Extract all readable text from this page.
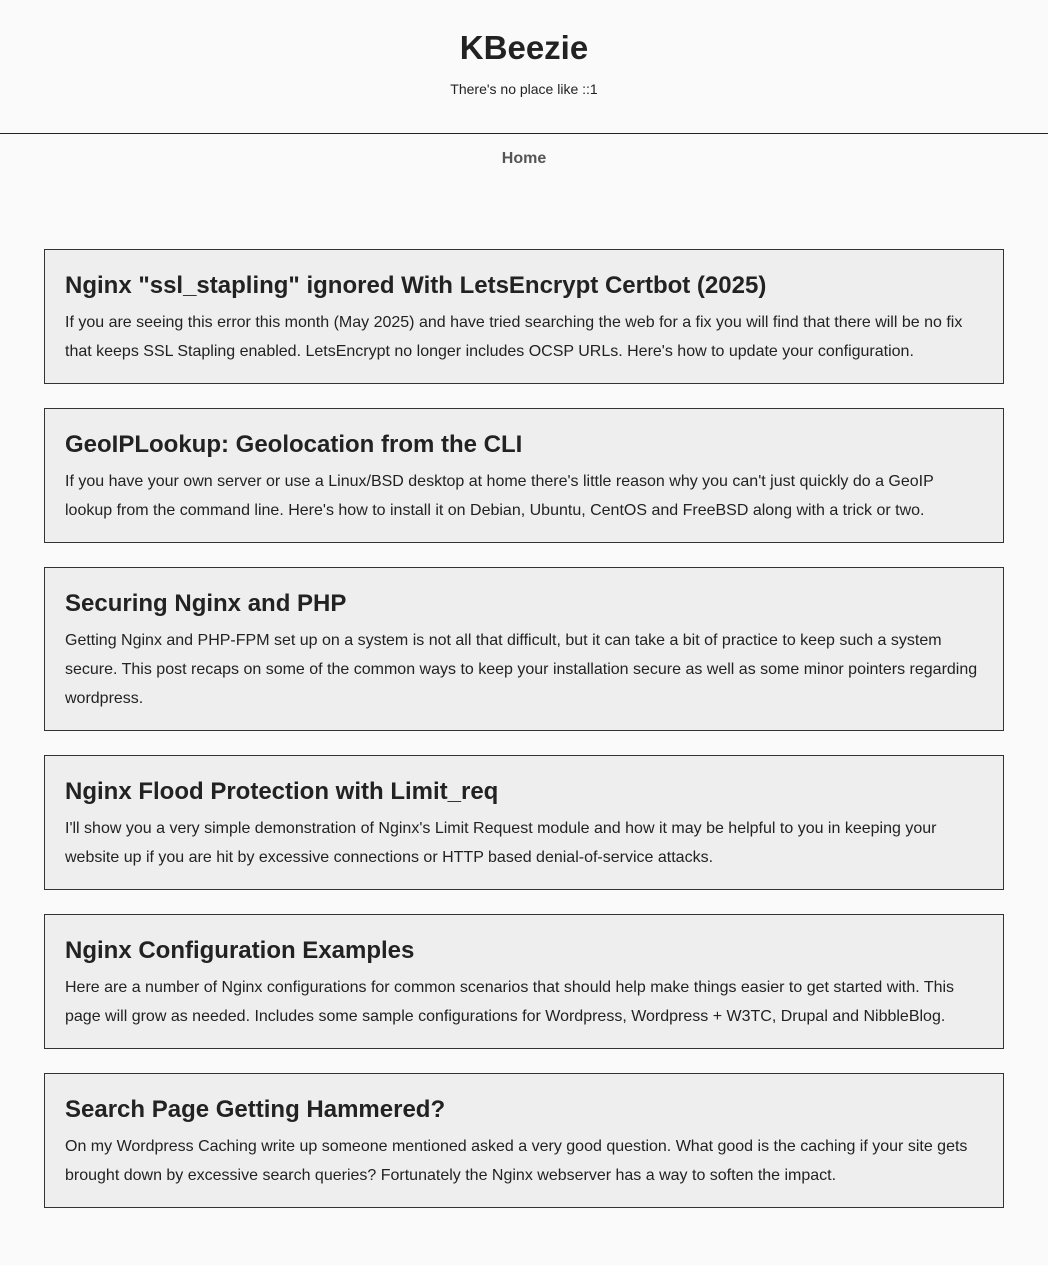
KBeezie

There's no place like ::1

Home
Nginx "ssl_stapling" ignored With LetsEncrypt Certbot (2025)

If you are seeing this error this month (May 2025) and have tried searching the web for a fix you will find that there will be no fix that keeps SSL Stapling enabled. LetsEncrypt no longer includes OCSP URLs. Here's how to update your configuration.

GeoIPLookup: Geolocation from the CLI

If you have your own server or use a Linux/BSD desktop at home there's little reason why you can't just quickly do a GeoIP lookup from the command line. Here's how to install it on Debian, Ubuntu, CentOS and FreeBSD along with a trick or two.

Securing Nginx and PHP

Getting Nginx and PHP-FPM set up on a system is not all that difficult, but it can take a bit of practice to keep such a system secure. This post recaps on some of the common ways to keep your installation secure as well as some minor pointers regarding wordpress.

Nginx Flood Protection with Limit_req

I'll show you a very simple demonstration of Nginx's Limit Request module and how it may be helpful to you in keeping your website up if you are hit by excessive connections or HTTP based denial-of-service attacks.

Nginx Configuration Examples

Here are a number of Nginx configurations for common scenarios that should help make things easier to get started with. This page will grow as needed. Includes some sample configurations for Wordpress, Wordpress + W3TC, Drupal and NibbleBlog.

Search Page Getting Hammered?

On my Wordpress Caching write up someone mentioned asked a very good question. What good is the caching if your site gets brought down by excessive search queries? Fortunately the Nginx webserver has a way to soften the impact.
